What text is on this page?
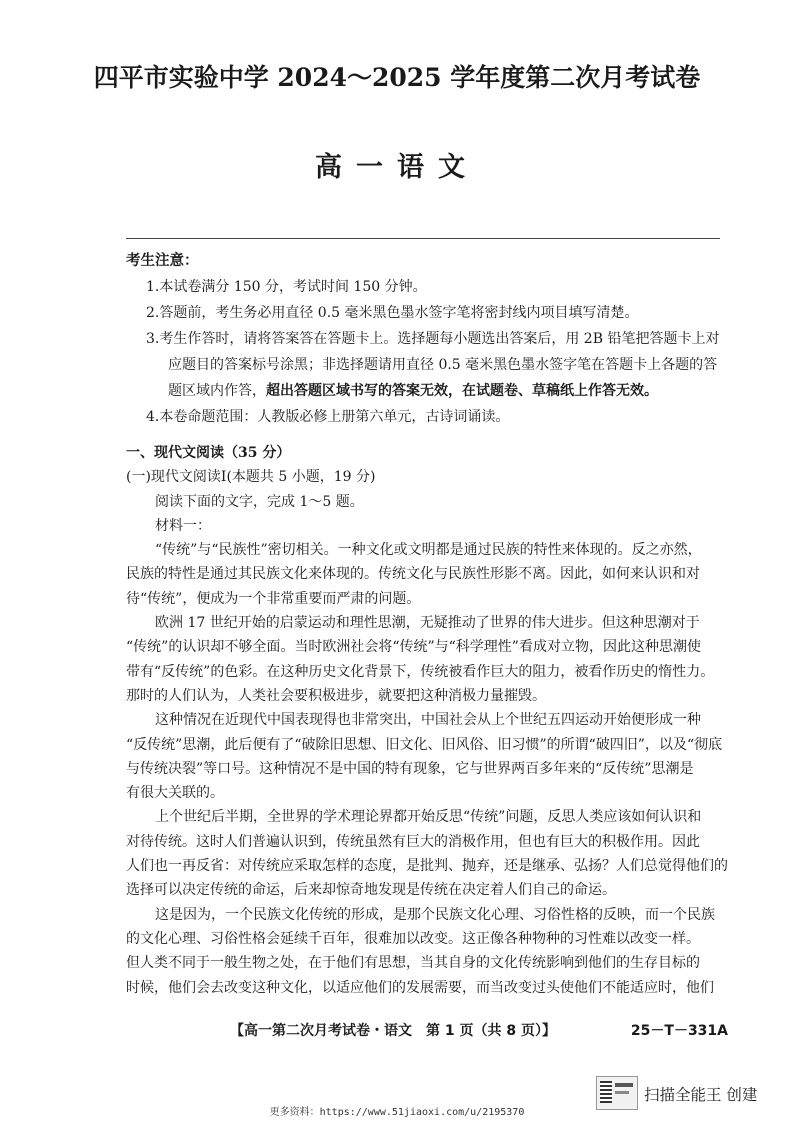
四平市实验中学 2024～2025 学年度第二次月考试卷
高一语文
考生注意：
1.本试卷满分 150 分，考试时间 150 分钟。
2.答题前，考生务必用直径 0.5 毫米黑色墨水签字笔将密封线内项目填写清楚。
3.考生作答时，请将答案答在答题卡上。选择题每小题选出答案后，用 2B 铅笔把答题卡上对
应题目的答案标号涂黑；非选择题请用直径 0.5 毫米黑色墨水签字笔在答题卡上各题的答
题区域内作答，超出答题区域书写的答案无效，在试题卷、草稿纸上作答无效。
4.本卷命题范围：人教版必修上册第六单元，古诗词诵读。
一、现代文阅读（35 分）
(一)现代文阅读Ⅰ(本题共 5 小题，19 分)
阅读下面的文字，完成 1～5 题。
材料一：
“传统”与“民族性”密切相关。一种文化或文明都是通过民族的特性来体现的。反之亦然，
民族的特性是通过其民族文化来体现的。传统文化与民族性形影不离。因此，如何来认识和对
待“传统”，便成为一个非常重要而严肃的问题。
欧洲 17 世纪开始的启蒙运动和理性思潮，无疑推动了世界的伟大进步。但这种思潮对于
“传统”的认识却不够全面。当时欧洲社会将“传统”与“科学理性”看成对立物，因此这种思潮使
带有“反传统”的色彩。在这种历史文化背景下，传统被看作巨大的阻力，被看作历史的惰性力。
那时的人们认为，人类社会要积极进步，就要把这种消极力量摧毁。
这种情况在近现代中国表现得也非常突出，中国社会从上个世纪五四运动开始便形成一种
“反传统”思潮，此后便有了“破除旧思想、旧文化、旧风俗、旧习惯”的所谓“破四旧”，以及“彻底
与传统决裂”等口号。这种情况不是中国的特有现象，它与世界两百多年来的“反传统”思潮是
有很大关联的。
上个世纪后半期，全世界的学术理论界都开始反思“传统”问题，反思人类应该如何认识和
对待传统。这时人们普遍认识到，传统虽然有巨大的消极作用，但也有巨大的积极作用。因此
人们也一再反省：对传统应采取怎样的态度，是批判、抛弃，还是继承、弘扬？人们总觉得他们的
选择可以决定传统的命运，后来却惊奇地发现是传统在决定着人们自己的命运。
这是因为，一个民族文化传统的形成，是那个民族文化心理、习俗性格的反映，而一个民族
的文化心理、习俗性格会延续千百年，很难加以改变。这正像各种物种的习性难以改变一样。
但人类不同于一般生物之处，在于他们有思想，当其自身的文化传统影响到他们的生存目标的
时候，他们会去改变这种文化，以适应他们的发展需要，而当改变过头使他们不能适应时，他们
【高一第二次月考试卷・语文　第 1 页（共 8 页）】	25－T－331A
扫描全能王 创建
更多资料：https://www.51jiaoxi.com/u/2195370
